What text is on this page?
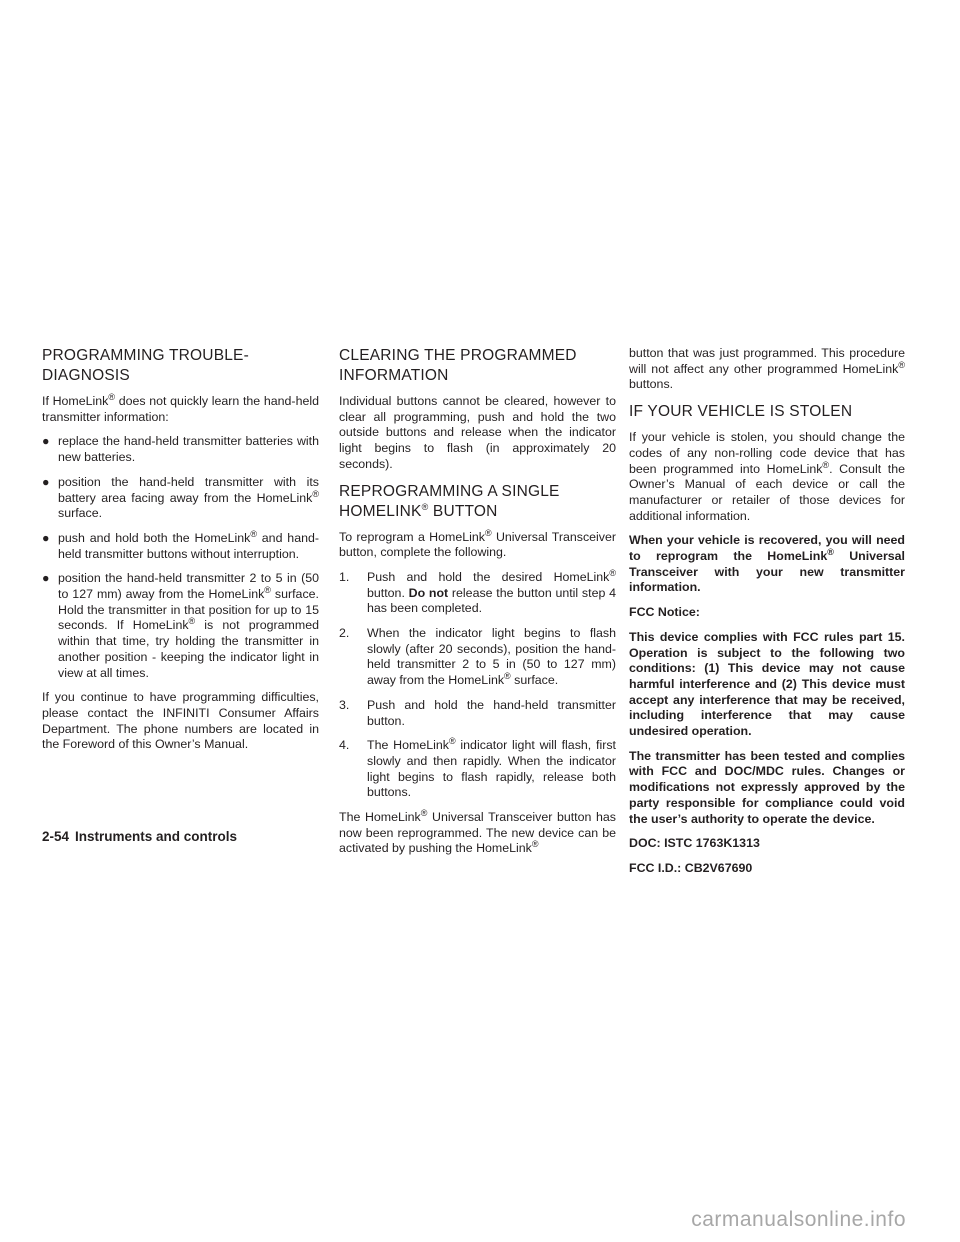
PROGRAMMING TROUBLE-DIAGNOSIS

If HomeLink® does not quickly learn the hand-held transmitter information:

● replace the hand-held transmitter batteries with new batteries.
● position the hand-held transmitter with its battery area facing away from the HomeLink® surface.
● push and hold both the HomeLink® and hand-held transmitter buttons without interruption.
● position the hand-held transmitter 2 to 5 in (50 to 127 mm) away from the HomeLink® surface. Hold the transmitter in that position for up to 15 seconds. If HomeLink® is not programmed within that time, try holding the transmitter in another position - keeping the indicator light in view at all times.

If you continue to have programming difficulties, please contact the INFINITI Consumer Affairs Department. The phone numbers are located in the Foreword of this Owner’s Manual.

CLEARING THE PROGRAMMED INFORMATION

Individual buttons cannot be cleared, however to clear all programming, push and hold the two outside buttons and release when the indicator light begins to flash (in approximately 20 seconds).

REPROGRAMMING A SINGLE HOMELINK® BUTTON

To reprogram a HomeLink® Universal Transceiver button, complete the following.

1. Push and hold the desired HomeLink® button. Do not release the button until step 4 has been completed.
2. When the indicator light begins to flash slowly (after 20 seconds), position the hand-held transmitter 2 to 5 in (50 to 127 mm) away from the HomeLink® surface.
3. Push and hold the hand-held transmitter button.
4. The HomeLink® indicator light will flash, first slowly and then rapidly. When the indicator light begins to flash rapidly, release both buttons.

The HomeLink® Universal Transceiver button has now been reprogrammed. The new device can be activated by pushing the HomeLink®

button that was just programmed. This procedure will not affect any other programmed HomeLink® buttons.

IF YOUR VEHICLE IS STOLEN

If your vehicle is stolen, you should change the codes of any non-rolling code device that has been programmed into HomeLink®. Consult the Owner’s Manual of each device or call the manufacturer or retailer of those devices for additional information.

When your vehicle is recovered, you will need to reprogram the HomeLink® Universal Transceiver with your new transmitter information.

FCC Notice:

This device complies with FCC rules part 15. Operation is subject to the following two conditions: (1) This device may not cause harmful interference and (2) This device must accept any interference that may be received, including interference that may cause undesired operation.

The transmitter has been tested and complies with FCC and DOC/MDC rules. Changes or modifications not expressly approved by the party responsible for compliance could void the user’s authority to operate the device.

DOC: ISTC 1763K1313

FCC I.D.: CB2V67690

2-54 Instruments and controls
carmanualsonline.info
